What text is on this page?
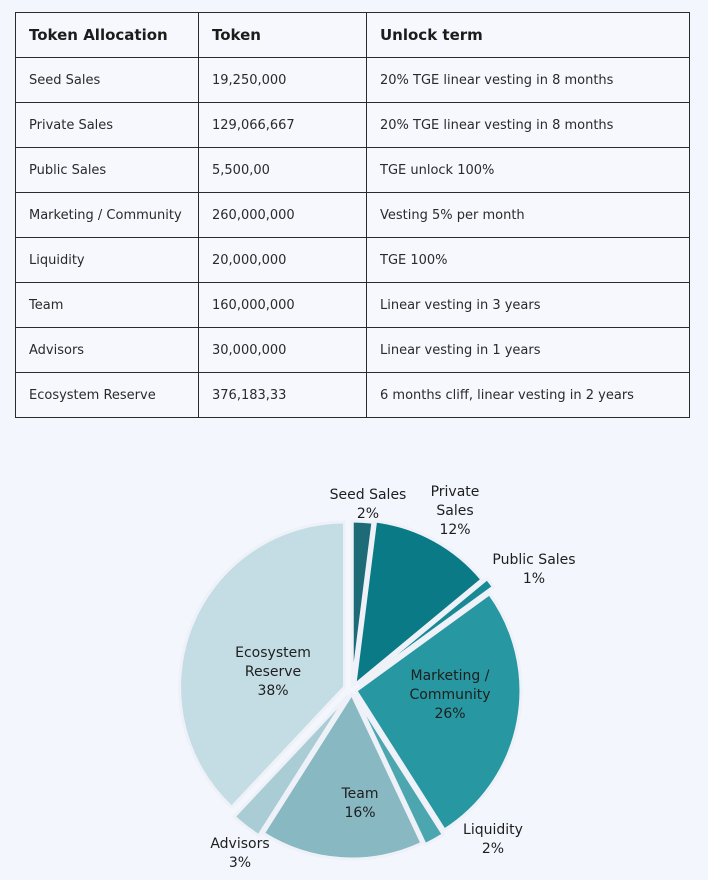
Token Allocation	Token	Unlock term
Seed Sales	19,250,000	20% TGE linear vesting in 8 months
Private Sales	129,066,667	20% TGE linear vesting in 8 months
Public Sales	5,500,00	TGE unlock 100%
Marketing / Community	260,000,000	Vesting 5% per month
Liquidity	20,000,000	TGE 100%
Team	160,000,000	Linear vesting in 3 years
Advisors	30,000,000	Linear vesting in 1 years
Ecosystem Reserve	376,183,33	6 months cliff, linear vesting in 2 years
Seed Sales 2%
Private Sales 12%
Public Sales 1%
Marketing / Community 26%
Liquidity 2%
Team 16%
Advisors 3%
Ecosystem Reserve 38%
